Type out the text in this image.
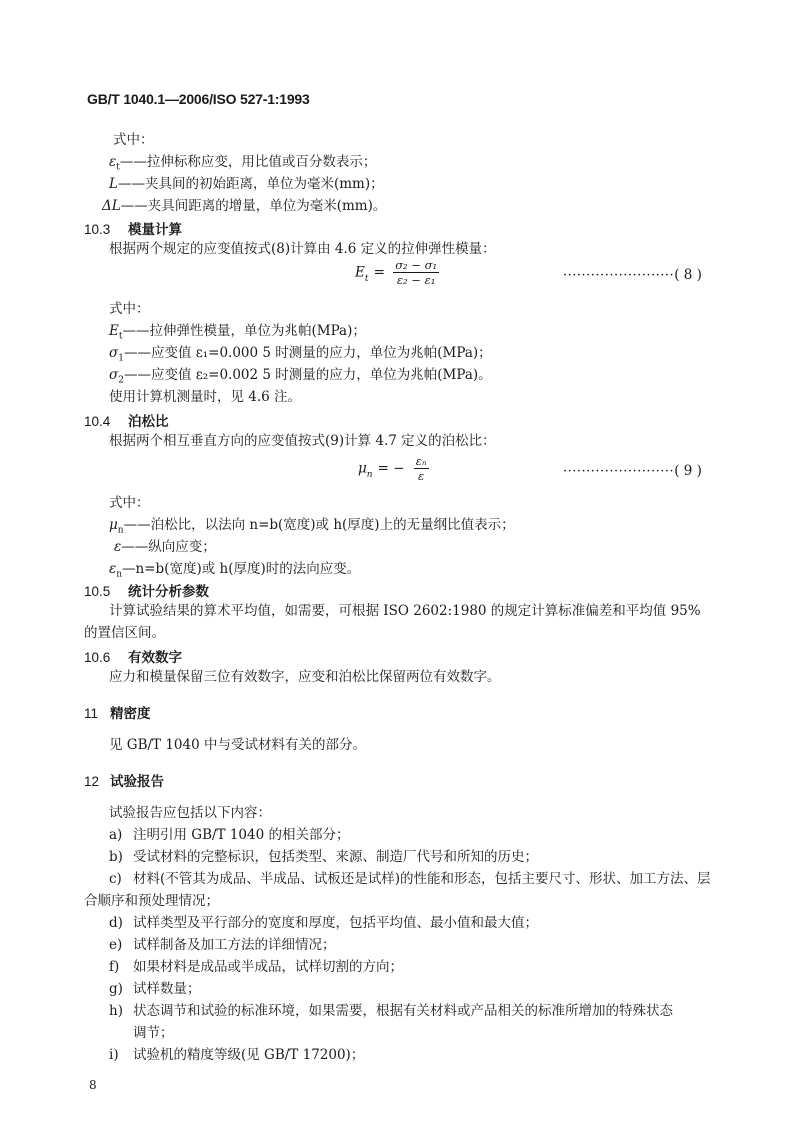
GB/T 1040.1—2006/ISO 527-1:1993
式中：
$\varepsilon_t——$拉伸标称应变，用比值或百分数表示；
L——夹具间的初始距离，单位为毫米(mm)；
ΔL——夹具间距离的增量，单位为毫米(mm)。
10.3 模量计算
根据两个规定的应变值按式(8)计算由 4.6 定义的拉伸弹性模量：
$E_t = \frac{\text{σ₂ − σ₁}}{\text{ε₂ − ε₁}}$	························( 8 )
式中：
$E_t——$拉伸弹性模量，单位为兆帕(MPa)；
$\sigma_1——$应变值 ε₁=0.000 5 时测量的应力，单位为兆帕(MPa)；
$\sigma_2——$应变值 ε₂=0.002 5 时测量的应力，单位为兆帕(MPa)。
使用计算机测量时，见 4.6 注。
10.4 泊松比
根据两个相互垂直方向的应变值按式(9)计算 4.7 定义的泊松比：
$\mu_n$ = − $\frac{\text{εₙ}}{\varepsilon}$	························( 9 )
式中：
$\mu_n——$泊松比，以法向 n=b(宽度)或 h(厚度)上的无量纲比值表示；
ε——纵向应变；
$\varepsilon_n—n=b$(宽度)或 h(厚度)时的法向应变。
10.5 统计分析参数
计算试验结果的算术平均值，如需要，可根据 ISO 2602:1980 的规定计算标准偏差和平均值 95%
的置信区间。
10.6 有效数字
应力和模量保留三位有效数字，应变和泊松比保留两位有效数字。
11 精密度
见 GB/T 1040 中与受试材料有关的部分。
12 试验报告
试验报告应包括以下内容：
a) 注明引用 GB/T 1040 的相关部分；
b) 受试材料的完整标识，包括类型、来源、制造厂代号和所知的历史；
c) 材料(不管其为成品、半成品、试板还是试样)的性能和形态，包括主要尺寸、形状、加工方法、层
合顺序和预处理情况；
d) 试样类型及平行部分的宽度和厚度，包括平均值、最小值和最大值；
e) 试样制备及加工方法的详细情况；
f) 如果材料是成品或半成品，试样切割的方向；
g) 试样数量；
h) 状态调节和试验的标准环境，如果需要，根据有关材料或产品相关的标准所增加的特殊状态
调节；
i) 试验机的精度等级(见 GB/T 17200)；
8
